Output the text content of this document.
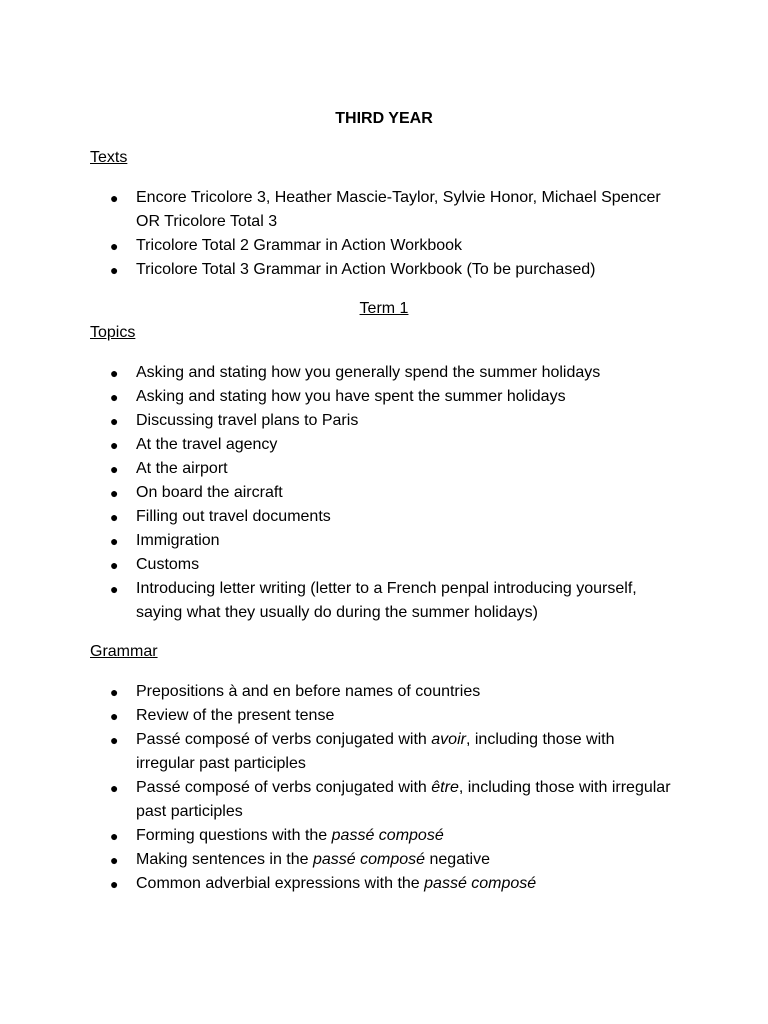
THIRD YEAR
Texts
● Encore Tricolore 3, Heather Mascie-Taylor, Sylvie Honor, Michael Spencer OR Tricolore Total 3
● Tricolore Total 2 Grammar in Action Workbook
● Tricolore Total 3 Grammar in Action Workbook (To be purchased)
Term 1
Topics
● Asking and stating how you generally spend the summer holidays
● Asking and stating how you have spent the summer holidays
● Discussing travel plans to Paris
● At the travel agency
● At the airport
● On board the aircraft
● Filling out travel documents
● Immigration
● Customs
● Introducing letter writing (letter to a French penpal introducing yourself, saying what they usually do during the summer holidays)
Grammar
● Prepositions à and en before names of countries
● Review of the present tense
● Passé composé of verbs conjugated with avoir, including those with irregular past participles
● Passé composé of verbs conjugated with être, including those with irregular past participles
● Forming questions with the passé composé
● Making sentences in the passé composé negative
● Common adverbial expressions with the passé composé
